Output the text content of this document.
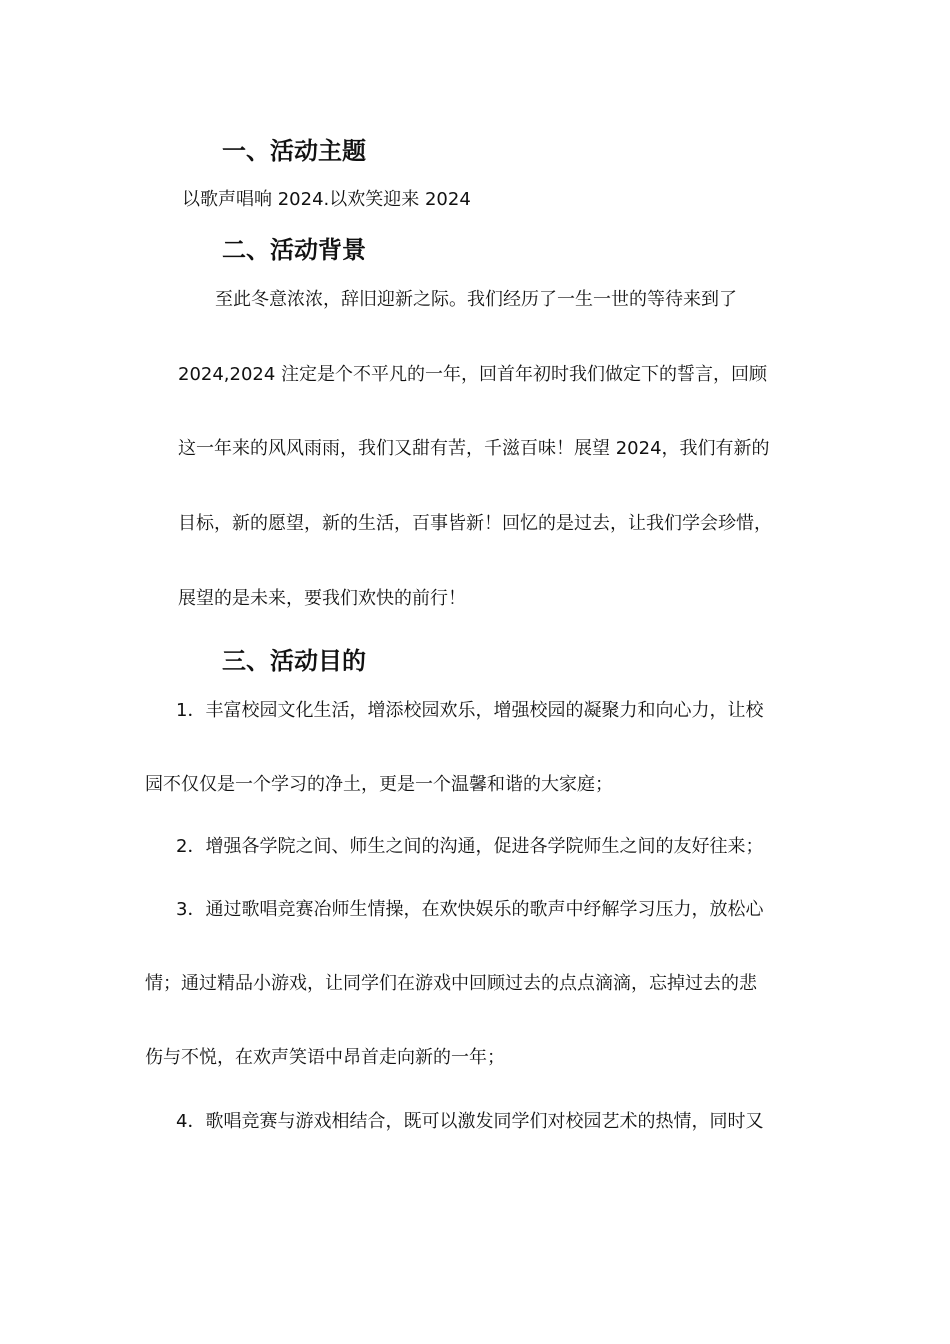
一、活动主题
以歌声唱响 2024.以欢笑迎来 2024
二、活动背景
至此冬意浓浓，辞旧迎新之际。我们经历了一生一世的等待来到了
2024,2024 注定是个不平凡的一年，回首年初时我们做定下的誓言，回顾
这一年来的风风雨雨，我们又甜有苦，千滋百味！展望 2024，我们有新的
目标，新的愿望，新的生活，百事皆新！回忆的是过去，让我们学会珍惜，
展望的是未来，要我们欢快的前行！
三、活动目的
1．丰富校园文化生活，增添校园欢乐，增强校园的凝聚力和向心力，让校
园不仅仅是一个学习的净土，更是一个温馨和谐的大家庭；
2．增强各学院之间、师生之间的沟通，促进各学院师生之间的友好往来；
3．通过歌唱竞赛冶师生情操，在欢快娱乐的歌声中纾解学习压力，放松心
情；通过精品小游戏，让同学们在游戏中回顾过去的点点滴滴，忘掉过去的悲
伤与不悦，在欢声笑语中昂首走向新的一年；
4．歌唱竞赛与游戏相结合，既可以激发同学们对校园艺术的热情，同时又
